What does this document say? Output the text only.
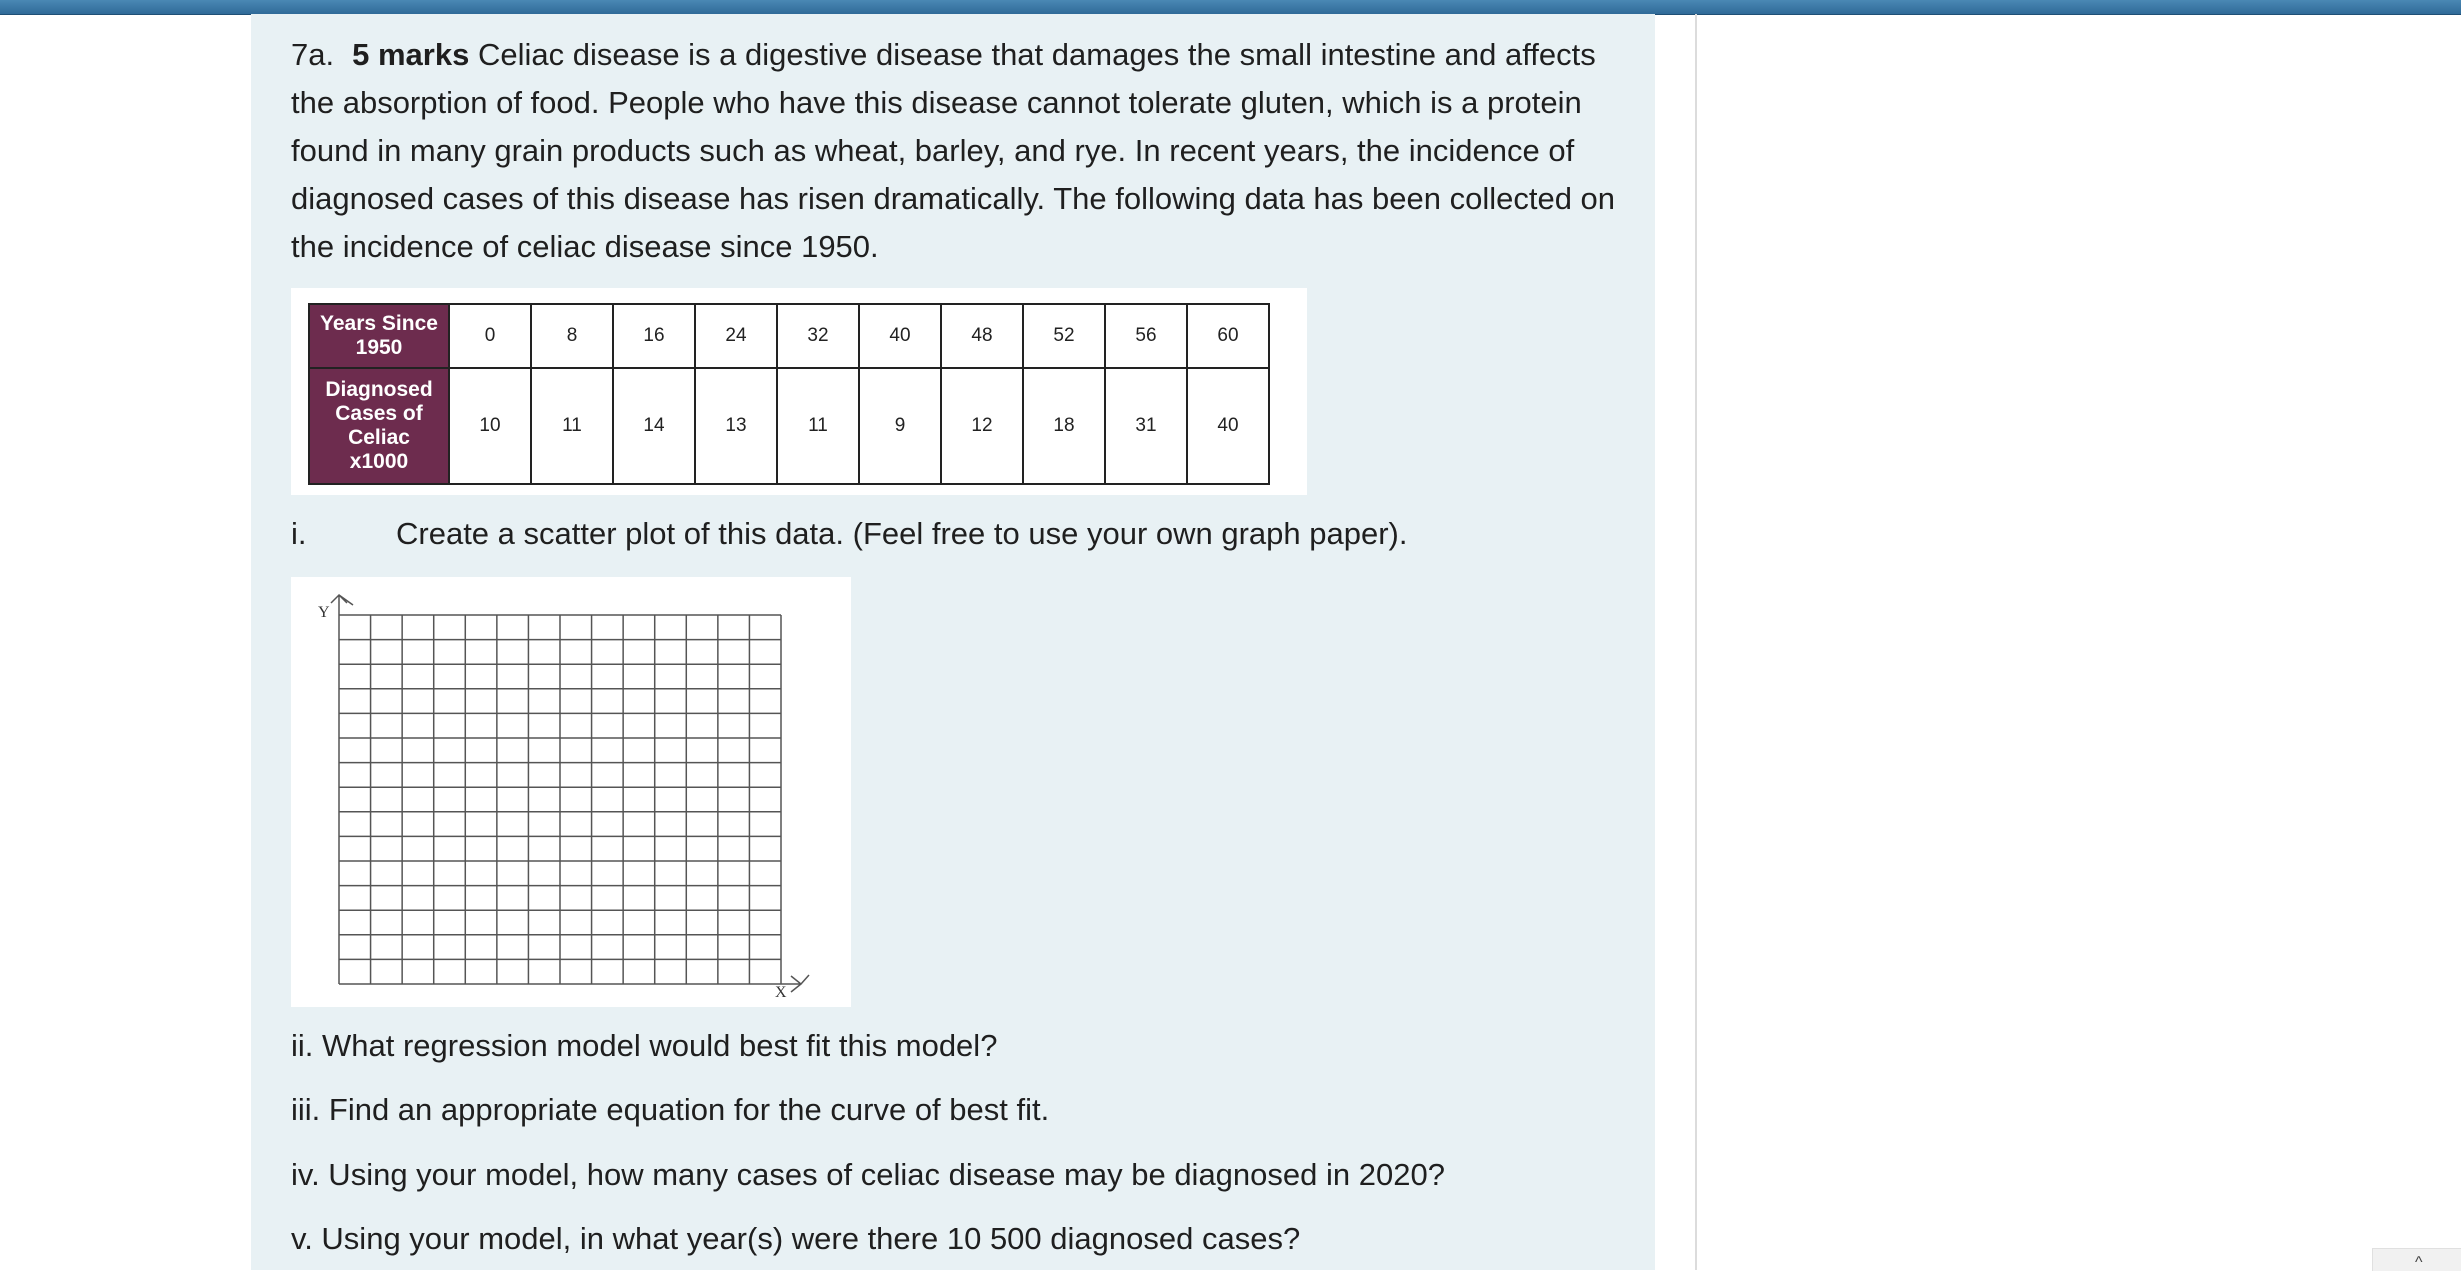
7a. 5 marks Celiac disease is a digestive disease that damages the small intestine and affects the absorption of food. People who have this disease cannot tolerate gluten, which is a protein found in many grain products such as wheat, barley, and rye. In recent years, the incidence of diagnosed cases of this disease has risen dramatically. The following data has been collected on the incidence of celiac disease since 1950.
Years Since
1950	0	8	16	24	32	40	48	52	56	60
Diagnosed
Cases of
Celiac
x1000	10	11	14	13	11	9	12	18	31	40
i.	Create a scatter plot of this data. (Feel free to use your own graph paper).
Y
X
ii. What regression model would best fit this model?
iii. Find an appropriate equation for the curve of best fit.
iv. Using your model, how many cases of celiac disease may be diagnosed in 2020?
v. Using your model, in what year(s) were there 10 500 diagnosed cases?
^
